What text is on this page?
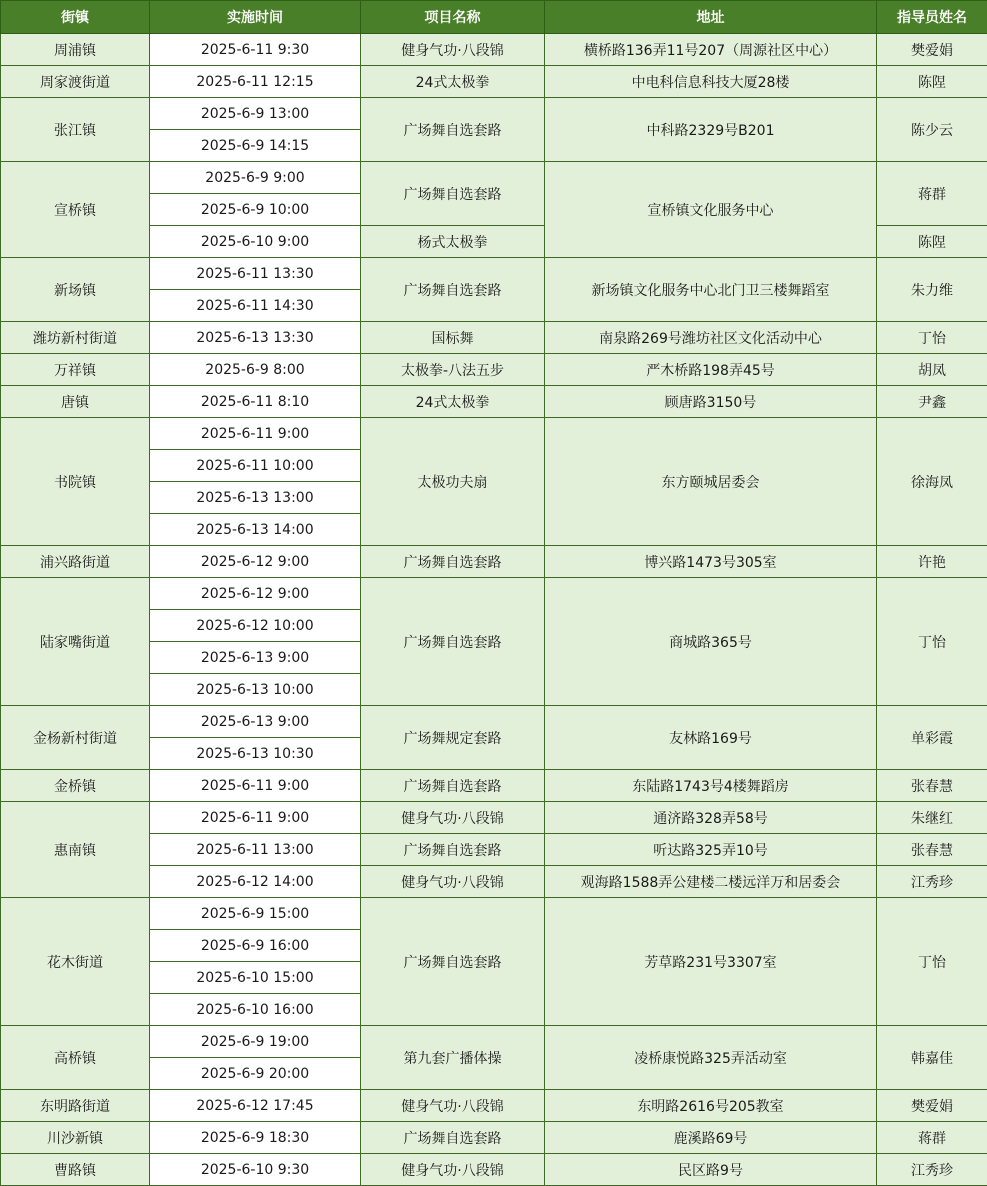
街镇	实施时间	项目名称	地址	指导员姓名
周浦镇	2025-6-11 9:30	健身气功·八段锦	横桥路136弄11号207（周源社区中心）	樊爱娟
周家渡街道	2025-6-11 12:15	24式太极拳	中电科信息科技大厦28楼	陈陧
张江镇	2025-6-9 13:00	广场舞自选套路	中科路2329号B201	陈少云
	2025-6-9 14:15			
宣桥镇	2025-6-9 9:00	广场舞自选套路	宣桥镇文化服务中心	蒋群
	2025-6-9 10:00			
	2025-6-10 9:00	杨式太极拳		陈陧
新场镇	2025-6-11 13:30	广场舞自选套路	新场镇文化服务中心北门卫三楼舞蹈室	朱力维
	2025-6-11 14:30			
潍坊新村街道	2025-6-13 13:30	国标舞	南泉路269号潍坊社区文化活动中心	丁怡
万祥镇	2025-6-9 8:00	太极拳-八法五步	严木桥路198弄45号	胡凤
唐镇	2025-6-11 8:10	24式太极拳	顾唐路3150号	尹鑫
书院镇	2025-6-11 9:00	太极功夫扇	东方颐城居委会	徐海凤
	2025-6-11 10:00			
	2025-6-13 13:00			
	2025-6-13 14:00			
浦兴路街道	2025-6-12 9:00	广场舞自选套路	博兴路1473号305室	许艳
陆家嘴街道	2025-6-12 9:00	广场舞自选套路	商城路365号	丁怡
	2025-6-12 10:00			
	2025-6-13 9:00			
	2025-6-13 10:00			
金杨新村街道	2025-6-13 9:00	广场舞规定套路	友林路169号	单彩霞
	2025-6-13 10:30			
金桥镇	2025-6-11 9:00	广场舞自选套路	东陆路1743号4楼舞蹈房	张春慧
惠南镇	2025-6-11 9:00	健身气功·八段锦	通济路328弄58号	朱继红
	2025-6-11 13:00	广场舞自选套路	听达路325弄10号	张春慧
	2025-6-12 14:00	健身气功·八段锦	观海路1588弄公建楼二楼远洋万和居委会	江秀珍
花木街道	2025-6-9 15:00	广场舞自选套路	芳草路231号3307室	丁怡
	2025-6-9 16:00			
	2025-6-10 15:00			
	2025-6-10 16:00			
高桥镇	2025-6-9 19:00	第九套广播体操	凌桥康悦路325弄活动室	韩嘉佳
	2025-6-9 20:00			
东明路街道	2025-6-12 17:45	健身气功·八段锦	东明路2616号205教室	樊爱娟
川沙新镇	2025-6-9 18:30	广场舞自选套路	鹿溪路69号	蒋群
曹路镇	2025-6-10 9:30	健身气功·八段锦	民区路9号	江秀珍
